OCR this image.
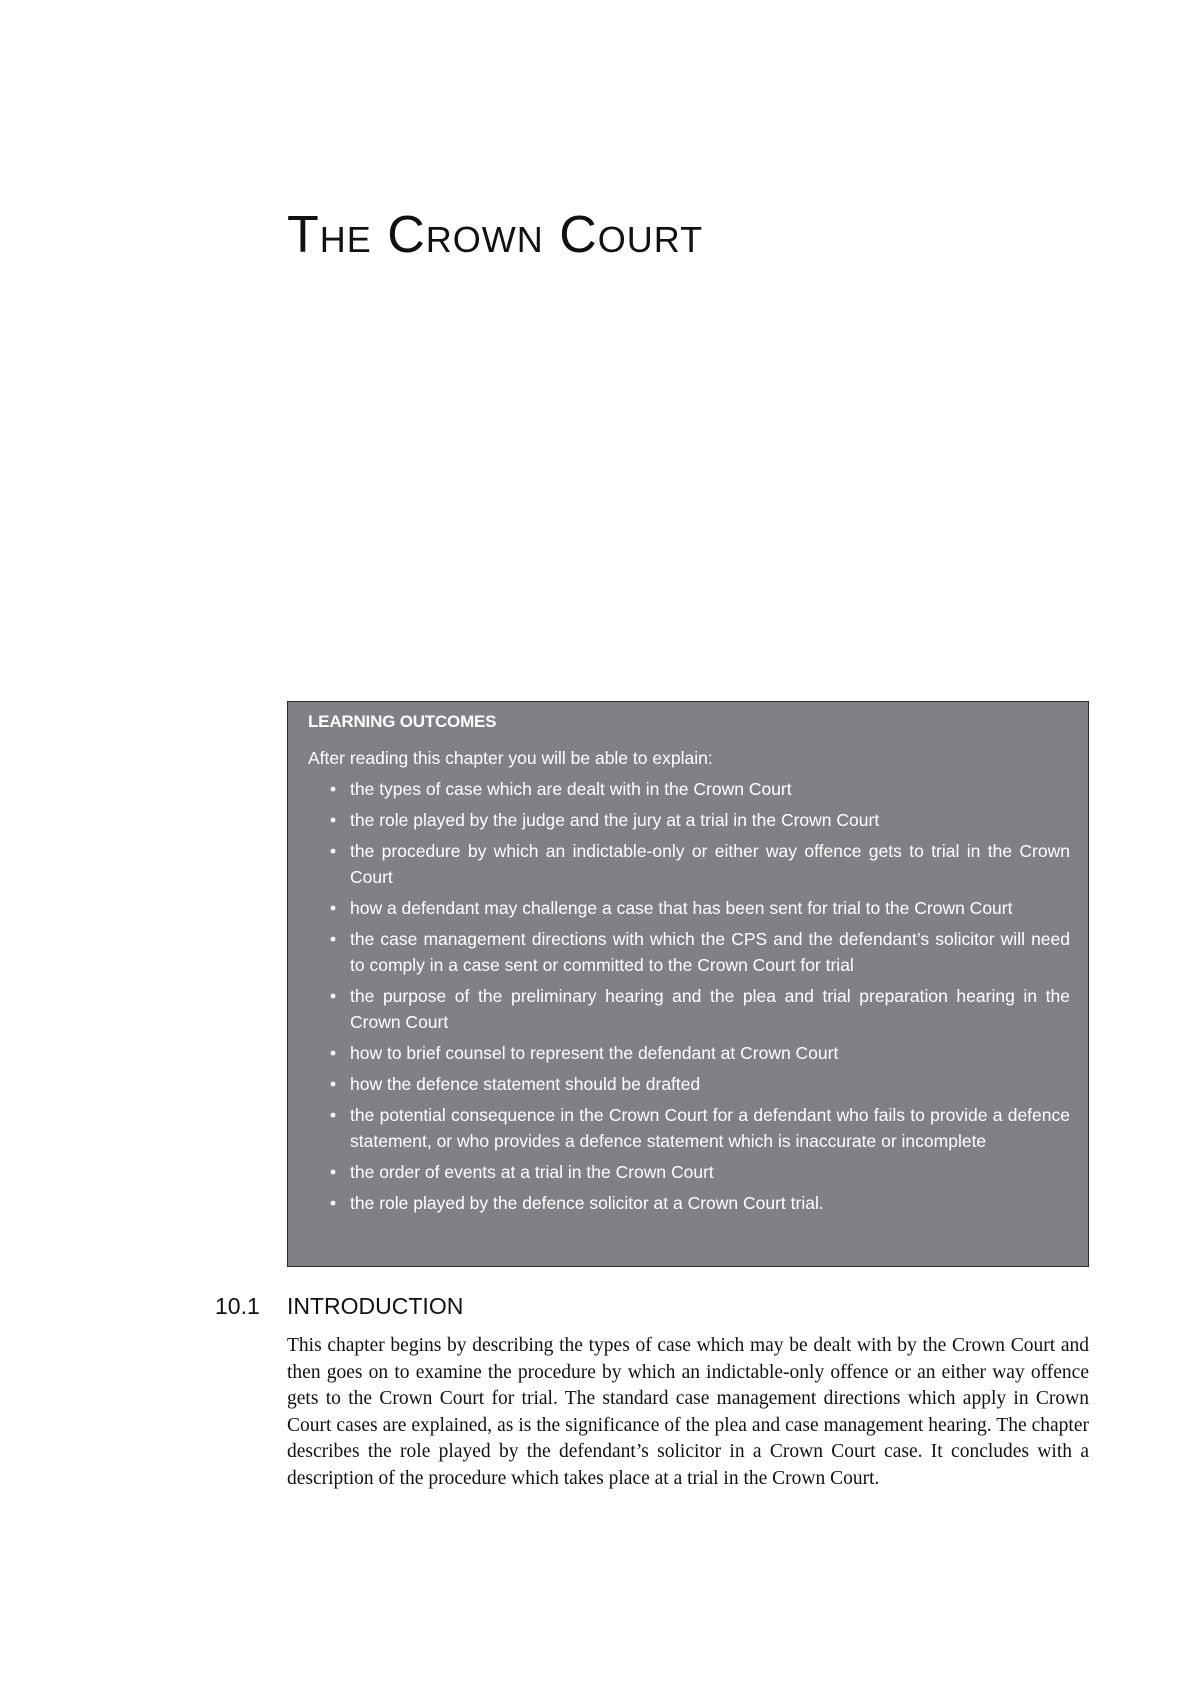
The Crown Court

LEARNING OUTCOMES

After reading this chapter you will be able to explain:

• the types of case which are dealt with in the Crown Court
• the role played by the judge and the jury at a trial in the Crown Court
• the procedure by which an indictable-only or either way offence gets to trial in the Crown Court
• how a defendant may challenge a case that has been sent for trial to the Crown Court
• the case management directions with which the CPS and the defendant’s solicitor will need to comply in a case sent or committed to the Crown Court for trial
• the purpose of the preliminary hearing and the plea and trial preparation hearing in the Crown Court
• how to brief counsel to represent the defendant at Crown Court
• how the defence statement should be drafted
• the potential consequence in the Crown Court for a defendant who fails to provide a defence statement, or who provides a defence statement which is inaccurate or incomplete
• the order of events at a trial in the Crown Court
• the role played by the defence solicitor at a Crown Court trial.
10.1 INTRODUCTION

This chapter begins by describing the types of case which may be dealt with by the Crown Court and then goes on to examine the procedure by which an indictable-only offence or an either way offence gets to the Crown Court for trial. The standard case management directions which apply in Crown Court cases are explained, as is the significance of the plea and case management hearing. The chapter describes the role played by the defendant’s solicitor in a Crown Court case. It concludes with a description of the procedure which takes place at a trial in the Crown Court.
